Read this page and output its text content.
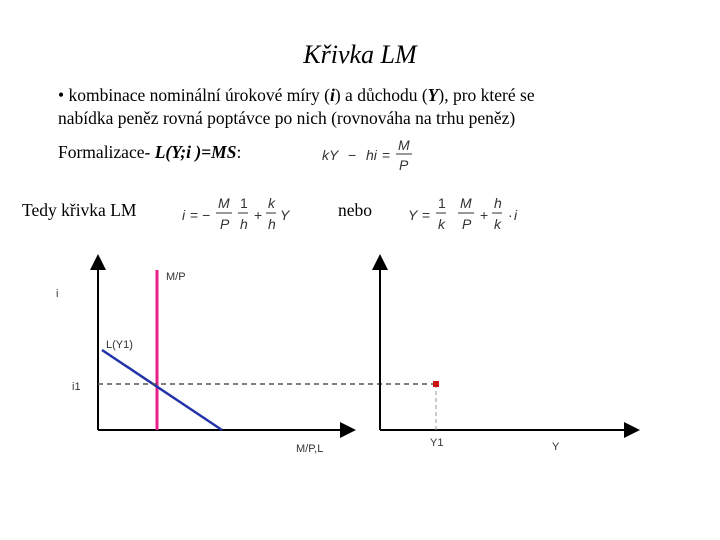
Křivka LM
• kombinace nominální úrokové míry (i) a důchodu (Y), pro které se
nabídka peněz rovná poptávce po nich (rovnováha na trhu peněz)
Formalizace- L(Y;i )=MS:	kY − hi =
M
P
Tedy křivka LM	i = −
M
P
1
h
+
k
h
Y	nebo	Y =
1
k
M
P
+
h
k
· i
i
M/P,L
M/P
L(Y1)
i1
Y
Y1
